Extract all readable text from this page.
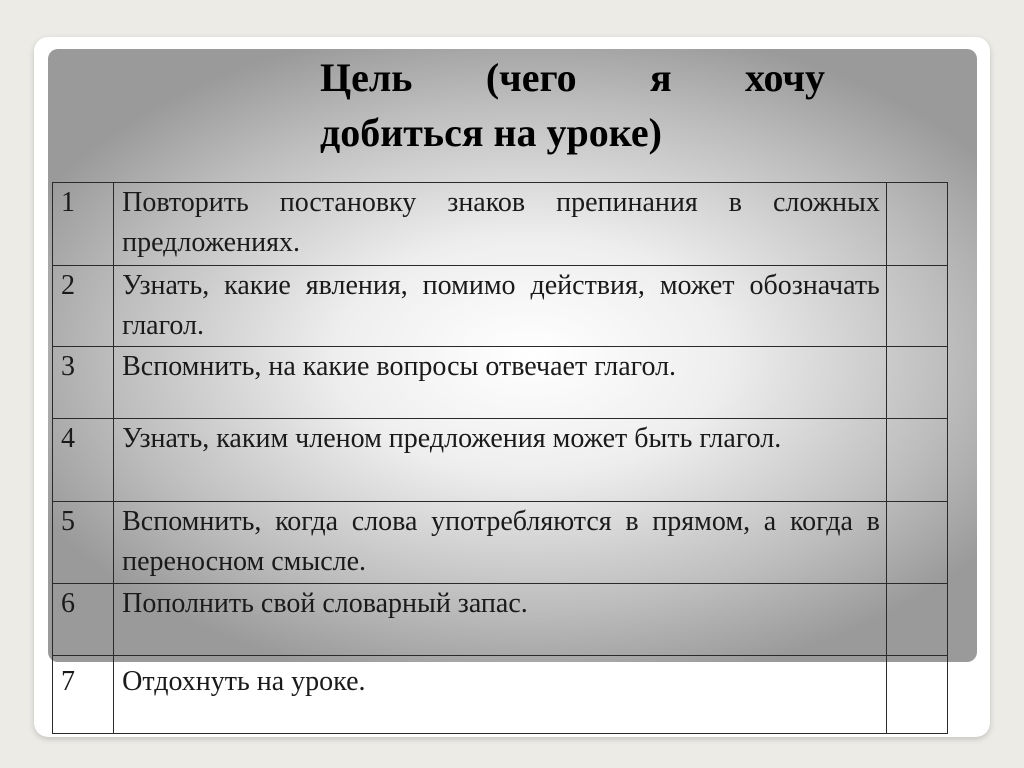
Цель (чего я хочу
добиться на уроке)
1	Повторить постановку знаков препинания в сложных предложениях.	
2	Узнать, какие явления, помимо действия, может обозначать глагол.	
3	Вспомнить, на какие вопросы отвечает глагол.	
4	Узнать, каким членом предложения может быть глагол.	
5	Вспомнить, когда слова употребляются в прямом, а когда в переносном смысле.	
6	Пополнить свой словарный запас.	
7	Отдохнуть на уроке.	
